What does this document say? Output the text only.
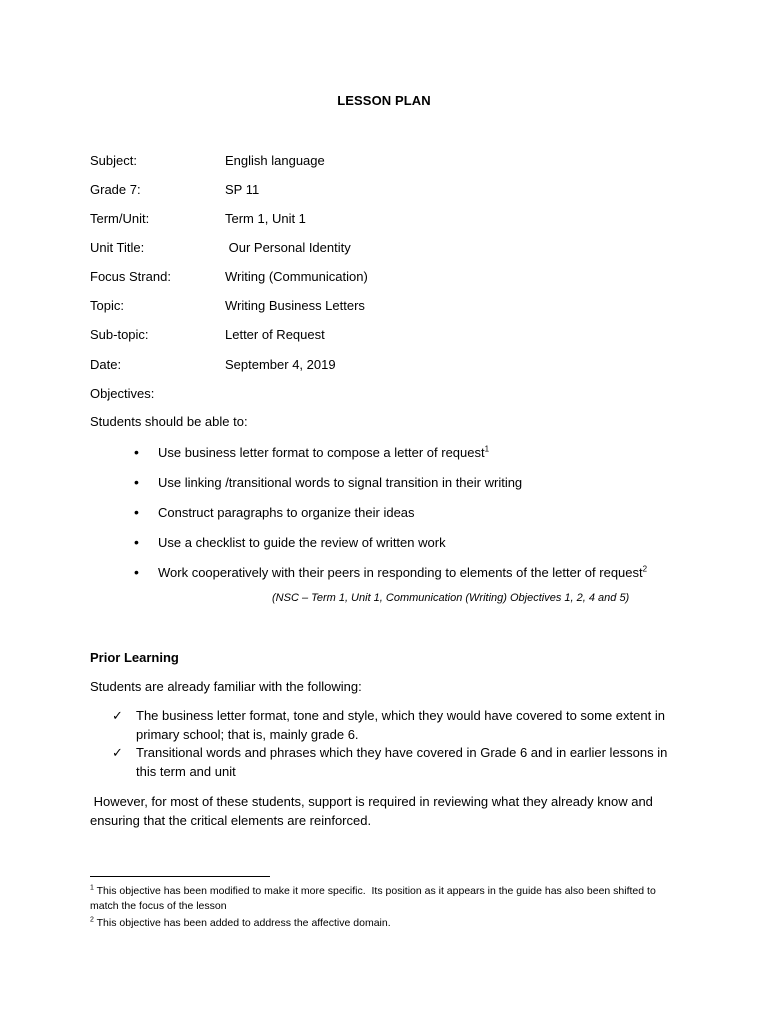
LESSON PLAN
Subject:	English language
Grade 7:	SP 11
Term/Unit:	Term 1, Unit 1
Unit Title:	Our Personal Identity
Focus Strand:	Writing (Communication)
Topic:	Writing Business Letters
Sub-topic:	Letter of Request
Date:	September 4, 2019
Objectives:
Students should be able to:
• Use business letter format to compose a letter of request$^1$
• Use linking /transitional words to signal transition in their writing
• Construct paragraphs to organize their ideas
• Use a checklist to guide the review of written work
• Work cooperatively with their peers in responding to elements of the letter of request$^2$
(NSC – Term 1, Unit 1, Communication (Writing) Objectives 1, 2, 4 and 5)
Prior Learning
Students are already familiar with the following:
✓ The business letter format, tone and style, which they would have covered to some extent in primary school; that is, mainly grade 6.
✓ Transitional words and phrases which they have covered in Grade 6 and in earlier lessons in this term and unit
However, for most of these students, support is required in reviewing what they already know and ensuring that the critical elements are reinforced.
$^1$ This objective has been modified to make it more specific.  Its position as it appears in the guide has also been shifted to match the focus of the lesson
$^2$ This objective has been added to address the affective domain.
